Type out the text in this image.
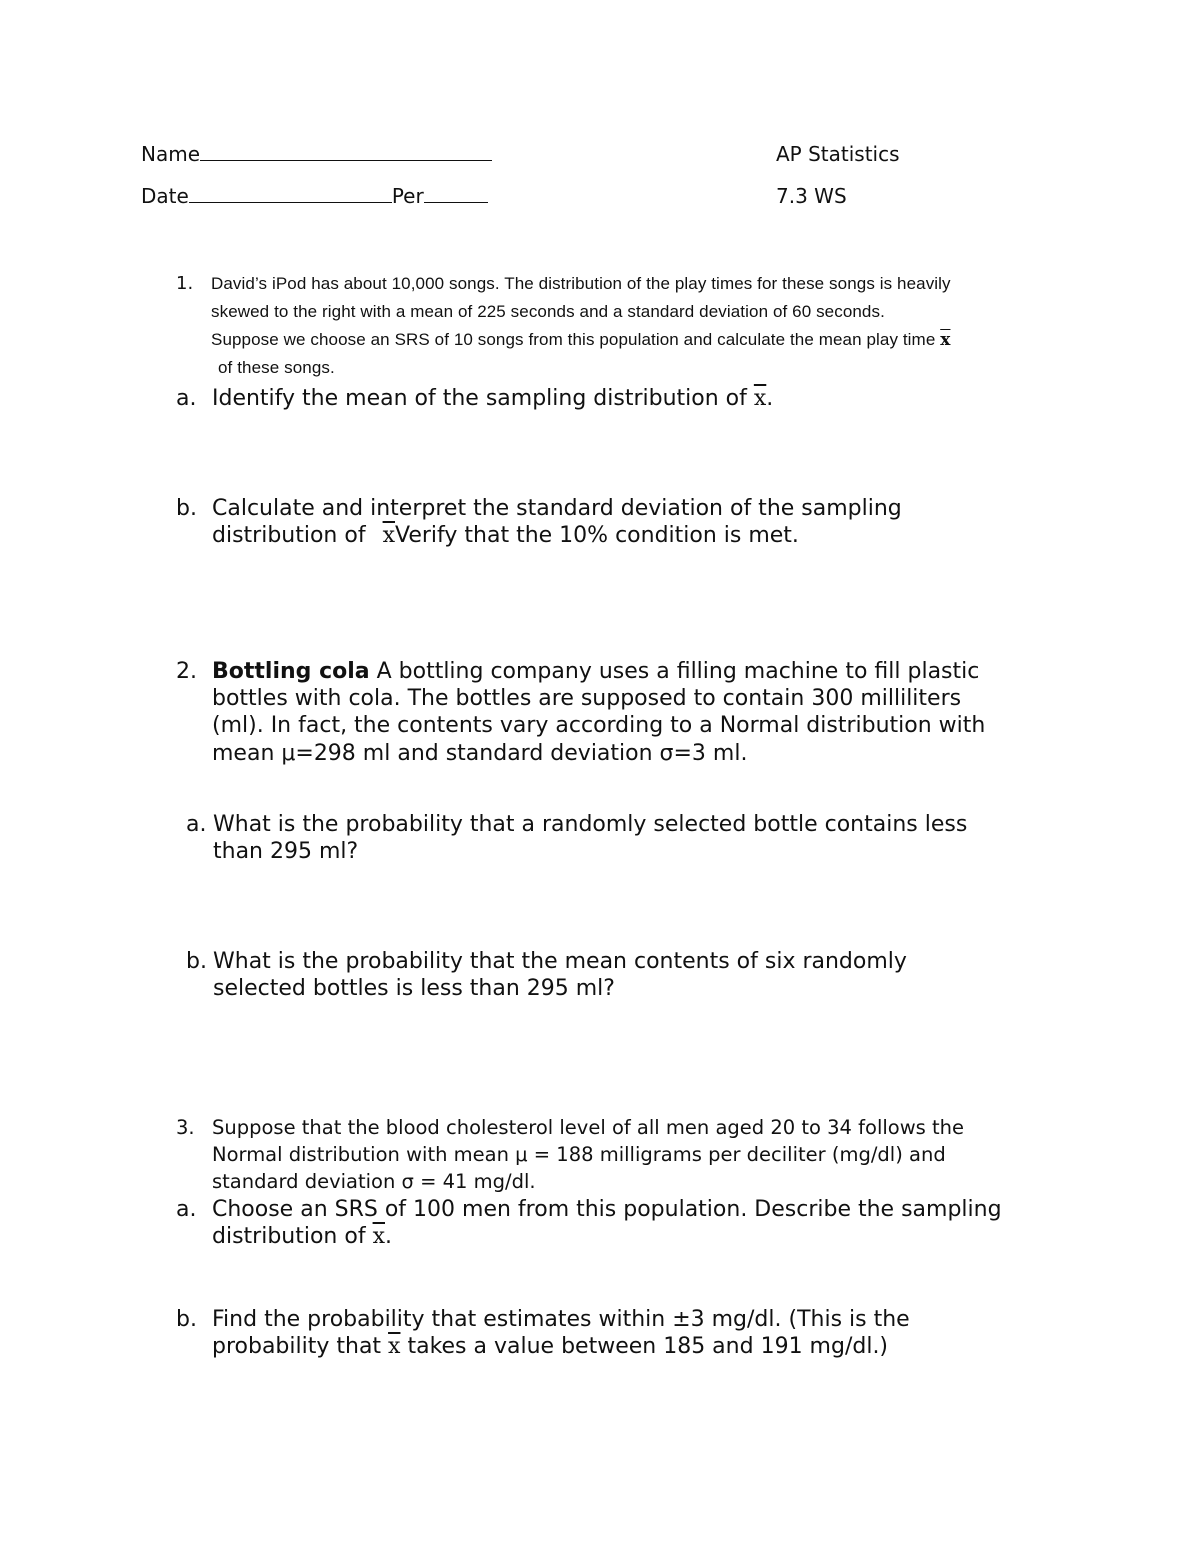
Name	AP Statistics
Date	Per	7.3 WS
1. David’s iPod has about 10,000 songs. The distribution of the play times for these songs is heavily
skewed to the right with a mean of 225 seconds and a standard deviation of 60 seconds.
Suppose we choose an SRS of 10 songs from this population and calculate the mean play time $\overline{x}$
of these songs.
a. Identify the mean of the sampling distribution of $\overline{x}$.
b. Calculate and interpret the standard deviation of the sampling
distribution of $\overline{x}Verify$ that the 10% condition is met.
2. Bottling cola A bottling company uses a filling machine to fill plastic
bottles with cola. The bottles are supposed to contain 300 milliliters
(ml). In fact, the contents vary according to a Normal distribution with
mean μ=298 ml and standard deviation σ=3 ml.
a. What is the probability that a randomly selected bottle contains less
than 295 ml?
b. What is the probability that the mean contents of six randomly
selected bottles is less than 295 ml?
3. Suppose that the blood cholesterol level of all men aged 20 to 34 follows the
Normal distribution with mean μ = 188 milligrams per deciliter (mg/dl) and
standard deviation σ = 41 mg/dl.
a. Choose an SRS of 100 men from this population. Describe the sampling
distribution of $\overline{x}$.
b. Find the probability that estimates within ±3 mg/dl. (This is the
probability that $\overline{x}$ takes a value between 185 and 191 mg/dl.)
